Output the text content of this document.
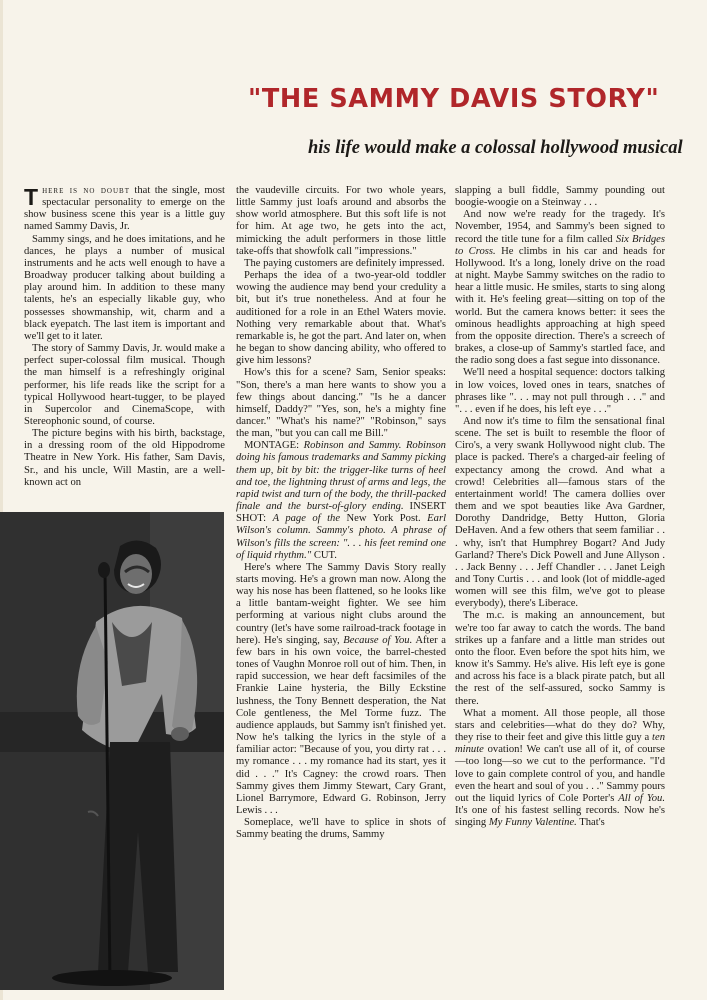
"THE SAMMY DAVIS STORY"
his life would make a colossal hollywood musical

There is no doubt that the single, most spectacular personality to emerge on the show business scene this year is a little guy named Sammy Davis, Jr.

Sammy sings, and he does imitations, and he dances, he plays a number of musical instruments and he acts well enough to have a Broadway producer talking about building a play around him. In addition to these many talents, he's an especially likable guy, who possesses showmanship, wit, charm and a black eyepatch. The last item is important and we'll get to it later.

The story of Sammy Davis, Jr. would make a perfect super-colossal film musical. Though the man himself is a refreshingly original performer, his life reads like the script for a typical Hollywood heart-tugger, to be played in Supercolor and CinemaScope, with Stereophonic sound, of course.

The picture begins with his birth, backstage, in a dressing room of the old Hippodrome Theatre in New York. His father, Sam Davis, Sr., and his uncle, Will Mastin, are a well-known act on

the vaudeville circuits. For two whole years, little Sammy just loafs around and absorbs the show world atmosphere. But this soft life is not for him. At age two, he gets into the act, mimicking the adult performers in those little take-offs that showfolk call "impressions."

The paying customers are definitely impressed.

Perhaps the idea of a two-year-old toddler wowing the audience may bend your credulity a bit, but it's true nonetheless. And at four he auditioned for a role in an Ethel Waters movie. Nothing very remarkable about that. What's remarkable is, he got the part. And later on, when he began to show dancing ability, who offered to give him lessons?

How's this for a scene? Sam, Senior speaks: "Son, there's a man here wants to show you a few things about dancing." "Is he a dancer himself, Daddy?" "Yes, son, he's a mighty fine dancer." "What's his name?" "Robinson," says the man, "but you can call me Bill."

MONTAGE: Robinson and Sammy. Robinson doing his famous trademarks and Sammy picking them up, bit by bit: the trigger-like turns of heel and toe, the lightning thrust of arms and legs, the rapid twist and turn of the body, the thrill-packed finale and the burst-of-glory ending. INSERT SHOT: A page of the New York Post. Earl Wilson's column. Sammy's photo. A phrase of Wilson's fills the screen: ". . . his feet remind one of liquid rhythm." CUT.

Here's where The Sammy Davis Story really starts moving. He's a grown man now. Along the way his nose has been flattened, so he looks like a little bantam-weight fighter. We see him performing at various night clubs around the country (let's have some railroad-track footage in here). He's singing, say, Because of You. After a few bars in his own voice, the barrel-chested tones of Vaughn Monroe roll out of him. Then, in rapid succession, we hear deft facsimiles of the Frankie Laine hysteria, the Billy Eckstine lushness, the Tony Bennett desperation, the Nat Cole gentleness, the Mel Torme fuzz. The audience applauds, but Sammy isn't finished yet. Now he's talking the lyrics in the style of a familiar actor: "Because of you, you dirty rat . . . my romance . . . my romance had its start, yes it did . . ." It's Cagney: the crowd roars. Then Sammy gives them Jimmy Stewart, Cary Grant, Lionel Barrymore, Edward G. Robinson, Jerry Lewis . . .

Someplace, we'll have to splice in shots of Sammy beating the drums, Sammy

slapping a bull fiddle, Sammy pounding out boogie-woogie on a Steinway . . .

And now we're ready for the tragedy. It's November, 1954, and Sammy's been signed to record the title tune for a film called Six Bridges to Cross. He climbs in his car and heads for Hollywood. It's a long, lonely drive on the road at night. Maybe Sammy switches on the radio to hear a little music. He smiles, starts to sing along with it. He's feeling great—sitting on top of the world. But the camera knows better: it sees the ominous headlights approaching at high speed from the opposite direction. There's a screech of brakes, a close-up of Sammy's startled face, and the radio song does a fast segue into dissonance.

We'll need a hospital sequence: doctors talking in low voices, loved ones in tears, snatches of phrases like ". . . may not pull through . . ." and ". . . even if he does, his left eye . . ."

And now it's time to film the sensational final scene. The set is built to resemble the floor of Ciro's, a very swank Hollywood night club. The place is packed. There's a charged-air feeling of expectancy among the crowd. And what a crowd! Celebrities all—famous stars of the entertainment world! The camera dollies over them and we spot beauties like Ava Gardner, Dorothy Dandridge, Betty Hutton, Gloria DeHaven. And a few others that seem familiar . . . why, isn't that Humphrey Bogart? And Judy Garland? There's Dick Powell and June Allyson . . . Jack Benny . . . Jeff Chandler . . . Janet Leigh and Tony Curtis . . . and look (lot of middle-aged women will see this film, we've got to please everybody), there's Liberace.

The m.c. is making an announcement, but we're too far away to catch the words. The band strikes up a fanfare and a little man strides out onto the floor. Even before the spot hits him, we know it's Sammy. He's alive. His left eye is gone and across his face is a black pirate patch, but all the rest of the self-assured, socko Sammy is there.

What a moment. All those people, all those stars and celebrities—what do they do? Why, they rise to their feet and give this little guy a ten minute ovation! We can't use all of it, of course—too long—so we cut to the performance. "I'd love to gain complete control of you, and handle even the heart and soul of you . . ." Sammy pours out the liquid lyrics of Cole Porter's All of You. It's one of his fastest selling records. Now he's singing My Funny Valentine. That's
